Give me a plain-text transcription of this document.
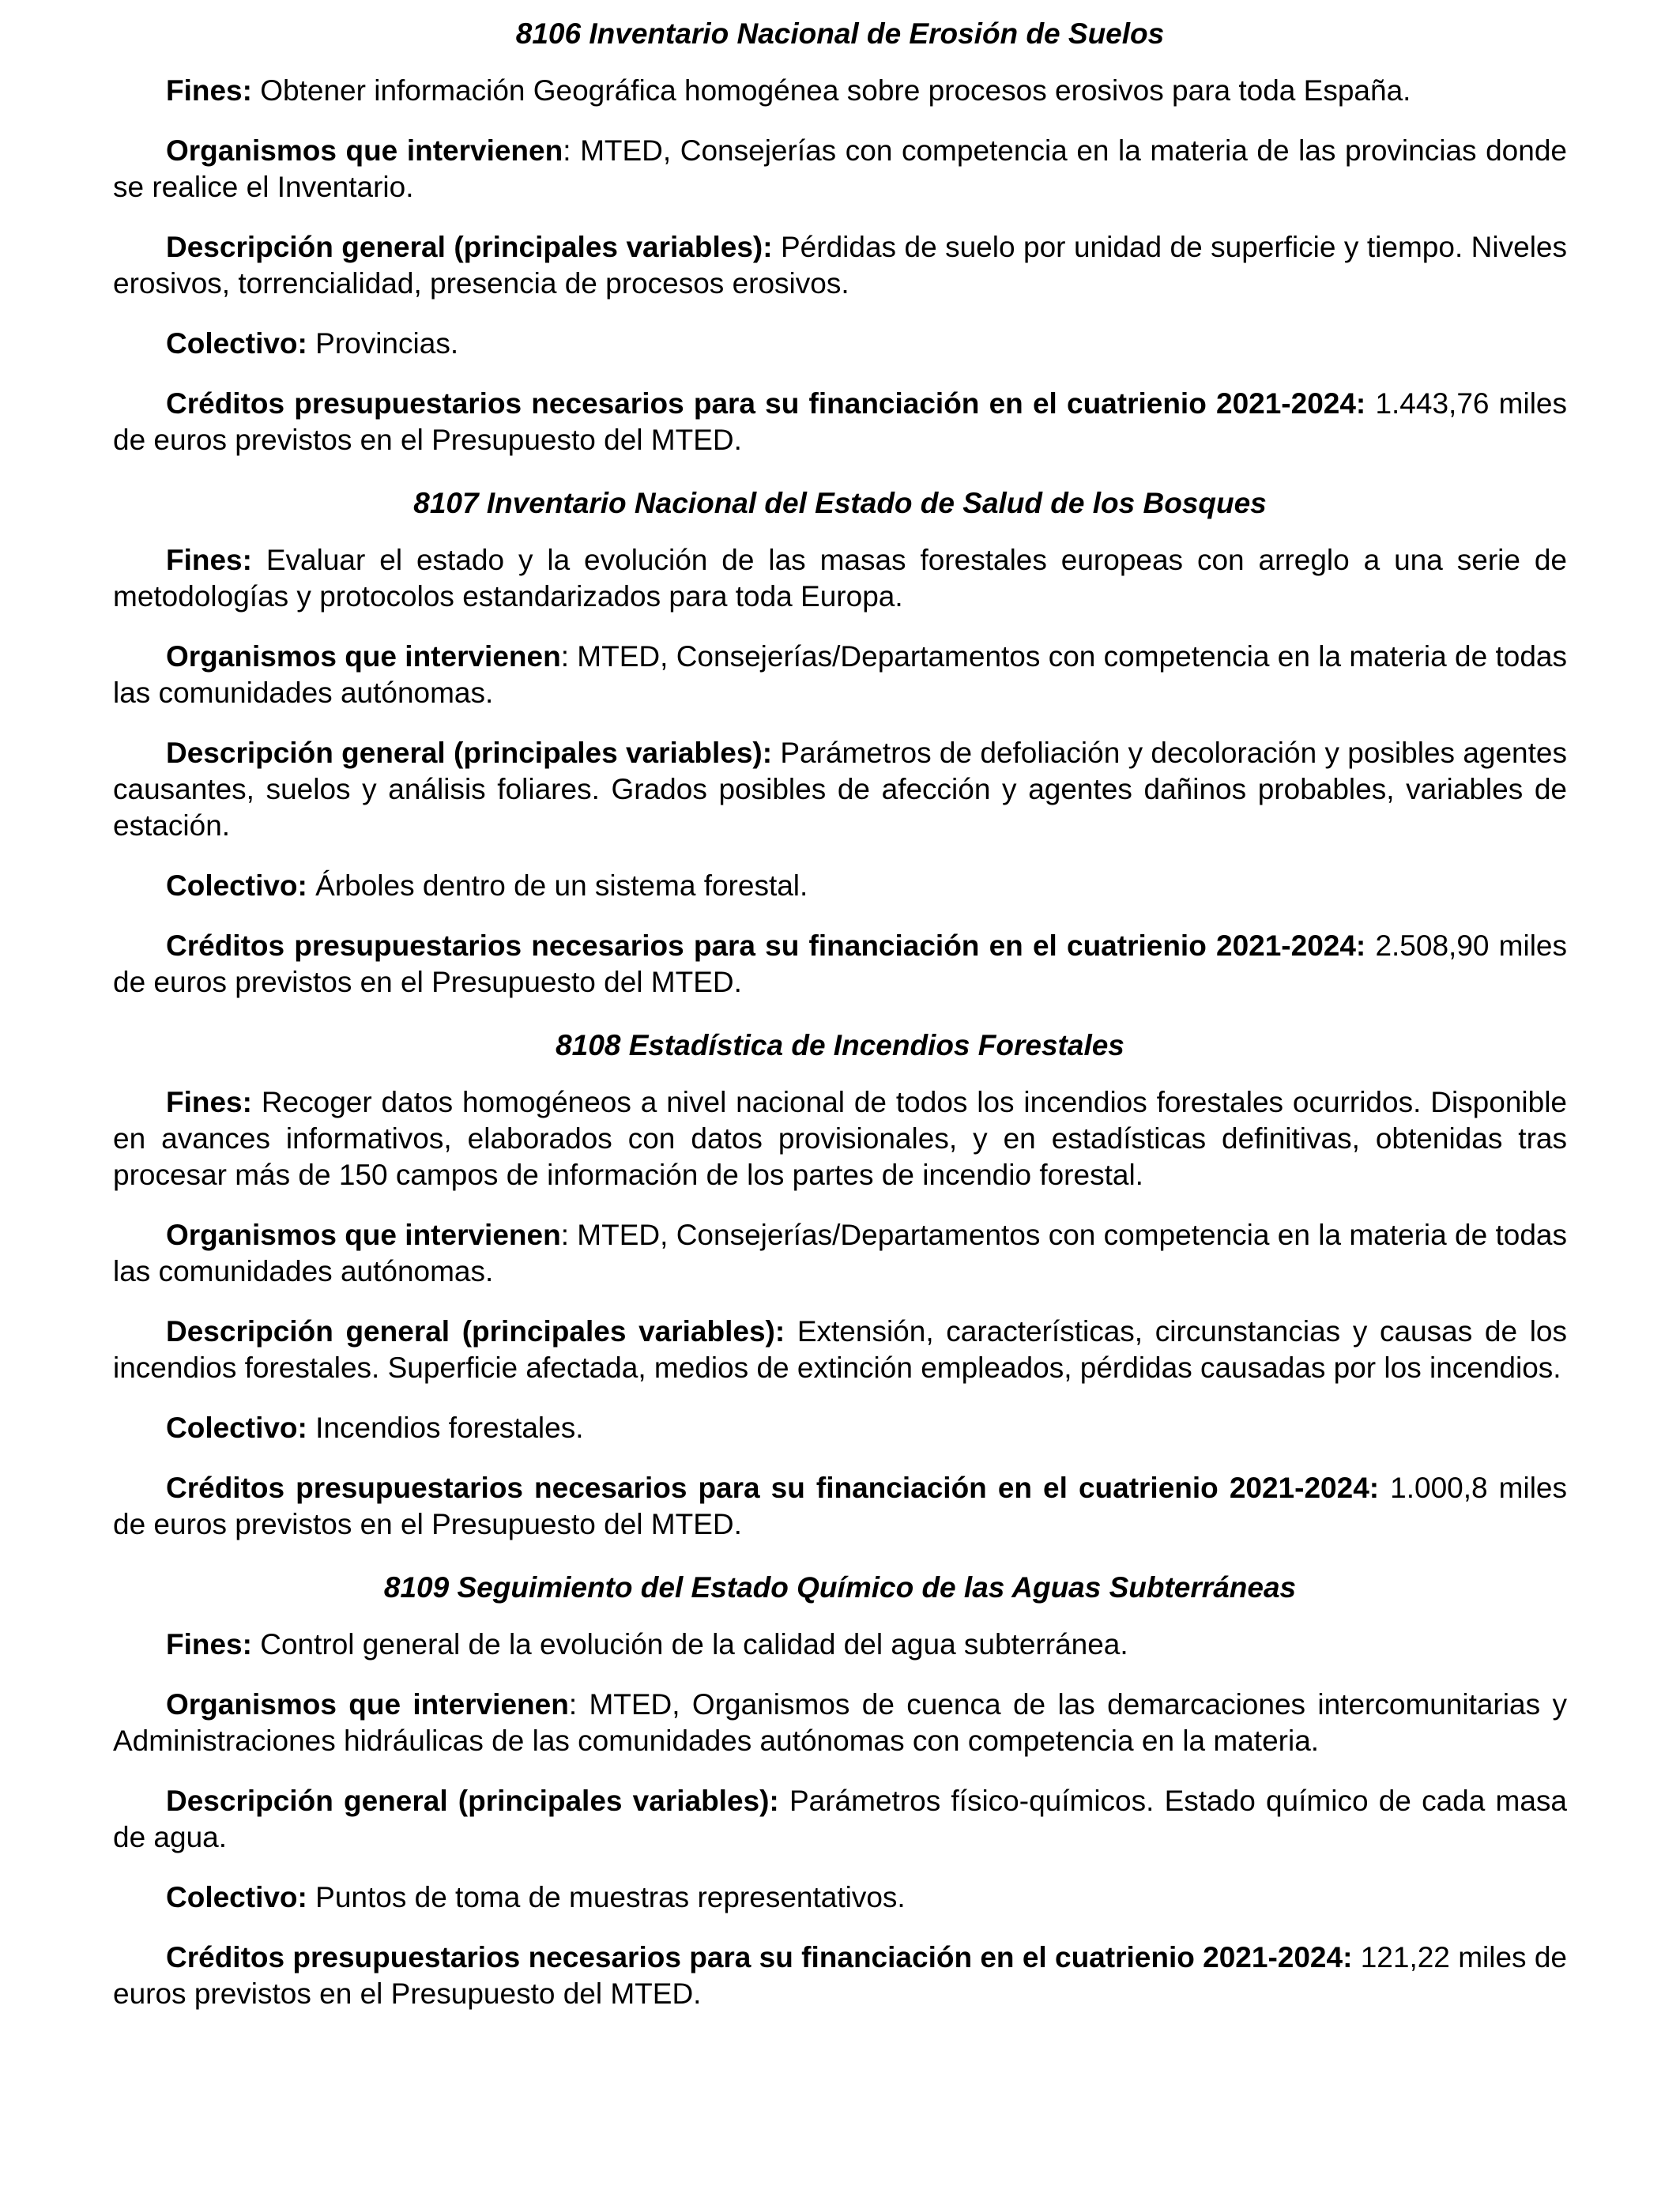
8106 Inventario Nacional de Erosión de Suelos

Fines: Obtener información Geográfica homogénea sobre procesos erosivos para toda España.

Organismos que intervienen: MTED, Consejerías con competencia en la materia de las provincias donde se realice el Inventario.

Descripción general (principales variables): Pérdidas de suelo por unidad de superficie y tiempo. Niveles erosivos, torrencialidad, presencia de procesos erosivos.

Colectivo: Provincias.

Créditos presupuestarios necesarios para su financiación en el cuatrienio 2021-2024: 1.443,76 miles de euros previstos en el Presupuesto del MTED.

8107 Inventario Nacional del Estado de Salud de los Bosques

Fines: Evaluar el estado y la evolución de las masas forestales europeas con arreglo a una serie de metodologías y protocolos estandarizados para toda Europa.

Organismos que intervienen: MTED, Consejerías/Departamentos con competencia en la materia de todas las comunidades autónomas.

Descripción general (principales variables): Parámetros de defoliación y decoloración y posibles agentes causantes, suelos y análisis foliares. Grados posibles de afección y agentes dañinos probables, variables de estación.

Colectivo: Árboles dentro de un sistema forestal.

Créditos presupuestarios necesarios para su financiación en el cuatrienio 2021-2024: 2.508,90 miles de euros previstos en el Presupuesto del MTED.

8108 Estadística de Incendios Forestales

Fines: Recoger datos homogéneos a nivel nacional de todos los incendios forestales ocurridos. Disponible en avances informativos, elaborados con datos provisionales, y en estadísticas definitivas, obtenidas tras procesar más de 150 campos de información de los partes de incendio forestal.

Organismos que intervienen: MTED, Consejerías/Departamentos con competencia en la materia de todas las comunidades autónomas.

Descripción general (principales variables): Extensión, características, circunstancias y causas de los incendios forestales. Superficie afectada, medios de extinción empleados, pérdidas causadas por los incendios.

Colectivo: Incendios forestales.

Créditos presupuestarios necesarios para su financiación en el cuatrienio 2021-2024: 1.000,8 miles de euros previstos en el Presupuesto del MTED.

8109 Seguimiento del Estado Químico de las Aguas Subterráneas

Fines: Control general de la evolución de la calidad del agua subterránea.

Organismos que intervienen: MTED, Organismos de cuenca de las demarcaciones intercomunitarias y Administraciones hidráulicas de las comunidades autónomas con competencia en la materia.

Descripción general (principales variables): Parámetros físico-químicos. Estado químico de cada masa de agua.

Colectivo: Puntos de toma de muestras representativos.

Créditos presupuestarios necesarios para su financiación en el cuatrienio 2021-2024: 121,22 miles de euros previstos en el Presupuesto del MTED.
